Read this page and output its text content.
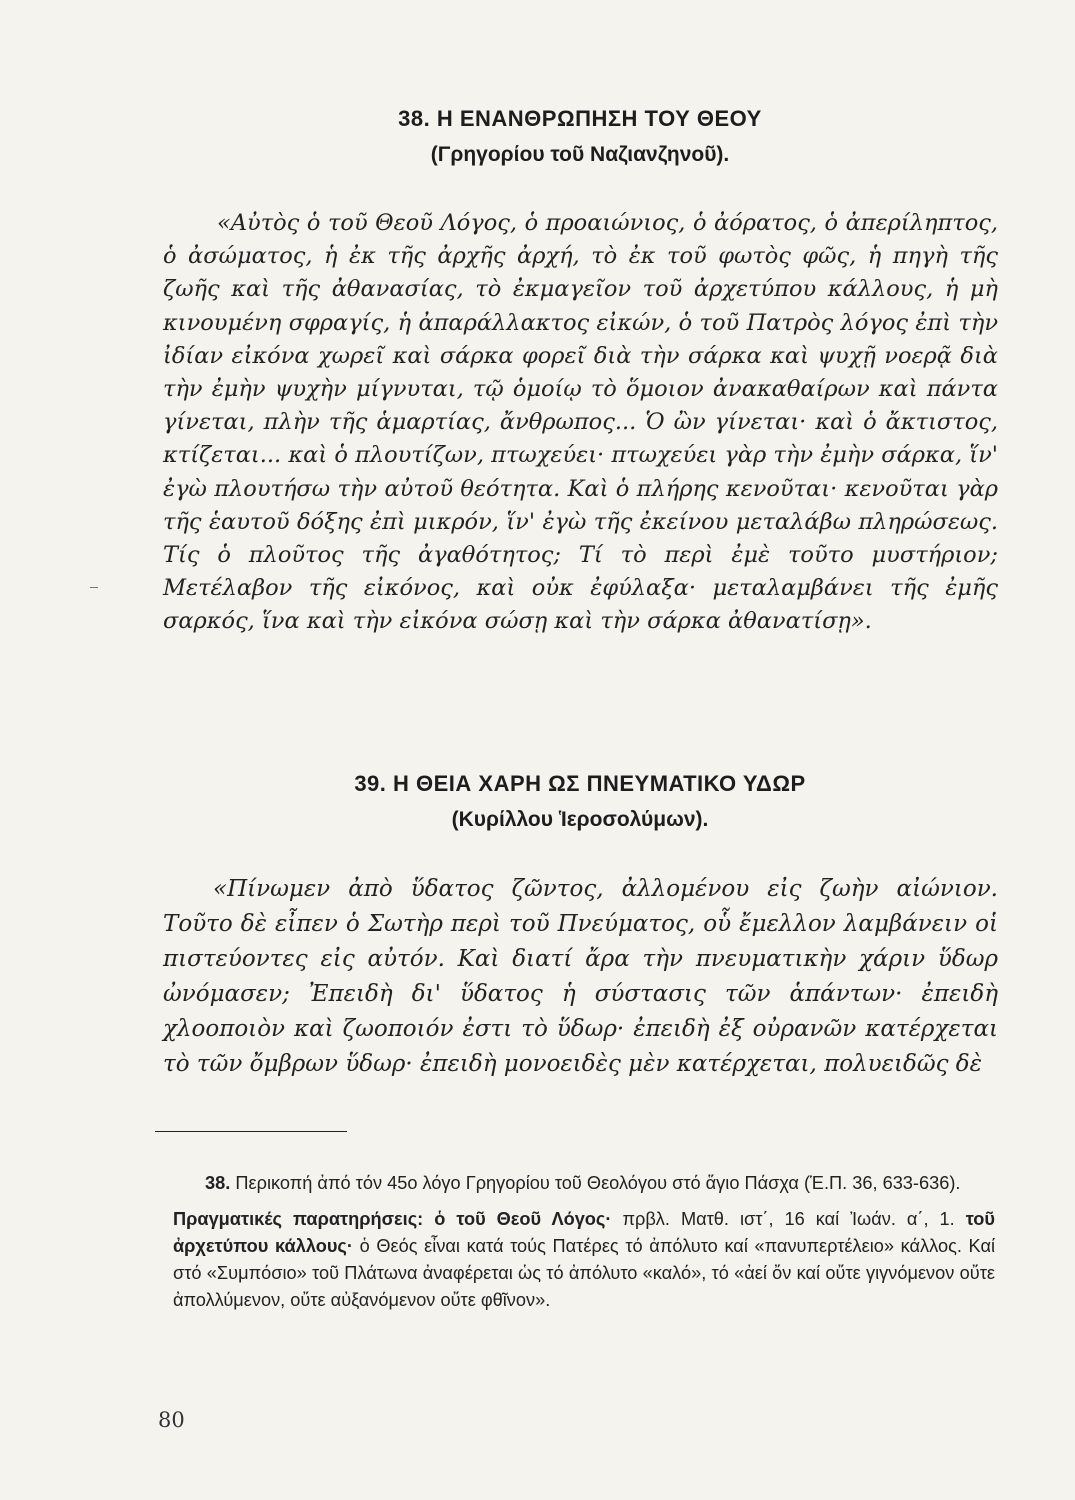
38. Η ΕΝΑΝΘΡΩΠΗΣΗ ΤΟΥ ΘΕΟΥ
(Γρηγορίου τοῦ Ναζιανζηνοῦ).
«Αὐτὸς ὁ τοῦ Θεοῦ Λόγος, ὁ προαιώνιος, ὁ ἀόρατος, ὁ ἀπερίληπτος, ὁ ἀσώματος, ἡ ἐκ τῆς ἀρχῆς ἀρχή, τὸ ἐκ τοῦ φωτὸς φῶς, ἡ πηγὴ τῆς ζωῆς καὶ τῆς ἀθανασίας, τὸ ἐκμαγεῖον τοῦ ἀρχετύπου κάλλους, ἡ μὴ κινουμένη σφραγίς, ἡ ἀπαράλλακτος εἰκών, ὁ τοῦ Πατρὸς λόγος ἐπὶ τὴν ἰδίαν εἰκόνα χωρεῖ καὶ σάρκα φορεῖ διὰ τὴν σάρκα καὶ ψυχῇ νοερᾷ διὰ τὴν ἐμὴν ψυχὴν μίγνυται, τῷ ὁμοίῳ τὸ ὅμοιον ἀνακαθαίρων καὶ πάντα γίνεται, πλὴν τῆς ἁμαρτίας, ἄνθρωπος... Ὁ ὢν γίνεται· καὶ ὁ ἄκτιστος, κτίζεται... καὶ ὁ πλουτίζων, πτωχεύει· πτωχεύει γὰρ τὴν ἐμὴν σάρκα, ἵν' ἐγὼ πλουτήσω τὴν αὐτοῦ θεότητα. Καὶ ὁ πλήρης κενοῦται· κενοῦται γὰρ τῆς ἑαυτοῦ δόξης ἐπὶ μικρόν, ἵν' ἐγὼ τῆς ἐκείνου μεταλάβω πληρώσεως. Τίς ὁ πλοῦτος τῆς ἀγαθότητος; Τί τὸ περὶ ἐμὲ τοῦτο μυστήριον; Μετέλαβον τῆς εἰκόνος, καὶ οὐκ ἐφύλαξα· μεταλαμβάνει τῆς ἐμῆς σαρκός, ἵνα καὶ τὴν εἰκόνα σώσῃ καὶ τὴν σάρκα ἀθανατίσῃ».
39. Η ΘΕΙΑ ΧΑΡΗ ΩΣ ΠΝΕΥΜΑΤΙΚΟ ΥΔΩΡ
(Κυρίλλου Ἱεροσολύμων).
«Πίνωμεν ἀπὸ ὕδατος ζῶντος, ἀλλομένου εἰς ζωὴν αἰώνιον. Τοῦτο δὲ εἶπεν ὁ Σωτὴρ περὶ τοῦ Πνεύματος, οὗ ἔμελλον λαμβάνειν οἱ πιστεύοντες εἰς αὐτόν. Καὶ διατί ἄρα τὴν πνευματικὴν χάριν ὕδωρ ὠνόμασεν; Ἐπειδὴ δι' ὕδατος ἡ σύστασις τῶν ἁπάντων· ἐπειδὴ χλοοποιὸν καὶ ζωοποιόν ἐστι τὸ ὕδωρ· ἐπειδὴ ἐξ οὐρανῶν κατέρχεται τὸ τῶν ὄμβρων ὕδωρ· ἐπειδὴ μονοειδὲς μὲν κατέρχεται, πολυειδῶς δὲ

38. Περικοπή ἀπό τόν 45ο λόγο Γρηγορίου τοῦ Θεολόγου στό ἅγιο Πάσχα (Ἑ.Π. 36, 633-636).

Πραγματικές παρατηρήσεις: ὁ τοῦ Θεοῦ Λόγος· πρβλ. Ματθ. ιστ΄, 16 καί Ἰωάν. α΄, 1. τοῦ ἀρχετύπου κάλλους· ὁ Θεός εἶναι κατά τούς Πατέρες τό ἀπόλυτο καί «πανυπερτέλειο» κάλλος. Καί στό «Συμπόσιο» τοῦ Πλάτωνα ἀναφέρεται ὡς τό ἀπόλυτο «καλό», τό «ἀεί ὄν καί οὔτε γιγνόμενον οὔτε ἀπολλύμενον, οὔτε αὐξανόμενον οὔτε φθῖνον».

80
